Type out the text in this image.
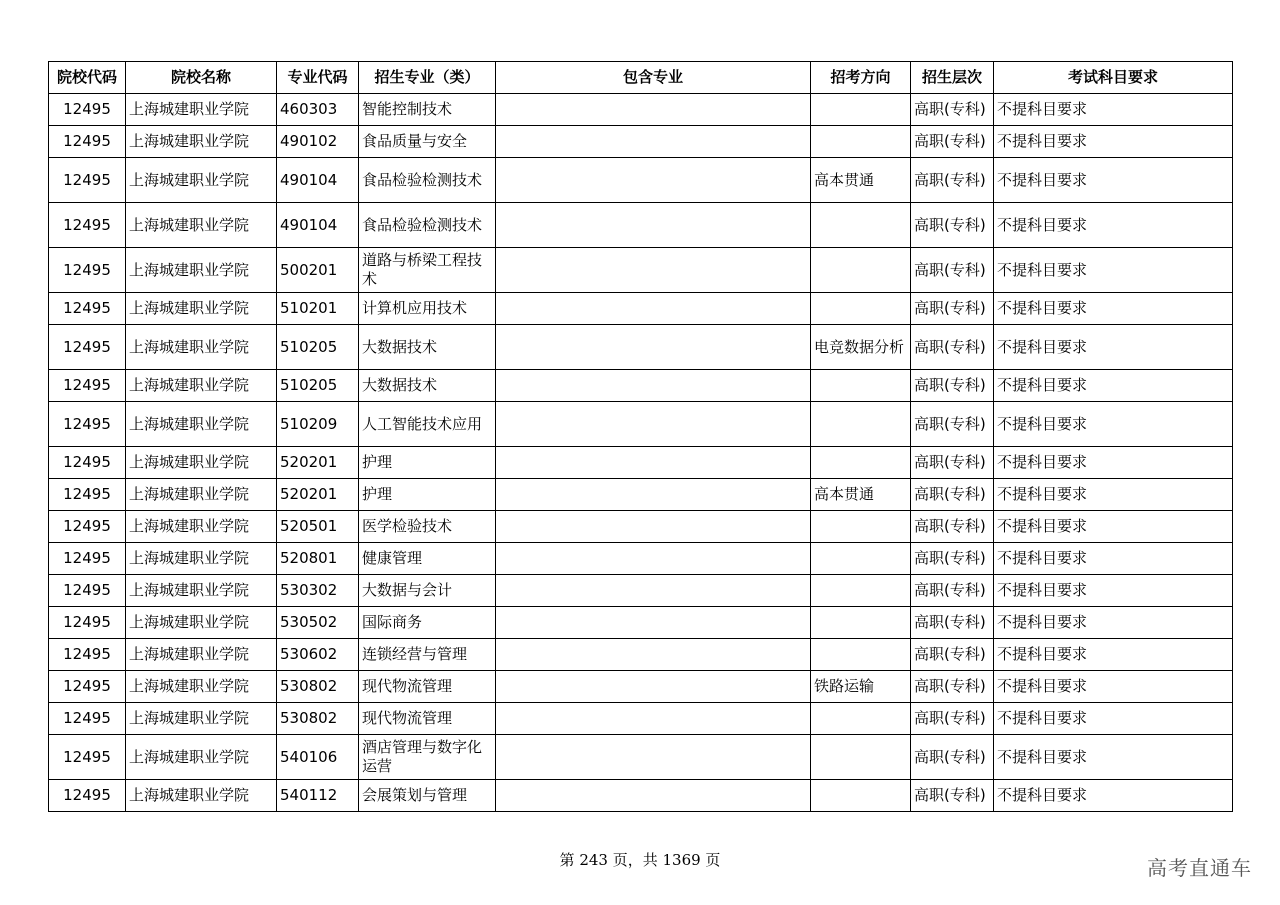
院校代码	院校名称	专业代码	招生专业（类）	包含专业	招考方向	招生层次	考试科目要求
12495	上海城建职业学院	460303	智能控制技术			高职(专科)	不提科目要求
12495	上海城建职业学院	490102	食品质量与安全			高职(专科)	不提科目要求
12495	上海城建职业学院	490104	食品检验检测技术		高本贯通	高职(专科)	不提科目要求
12495	上海城建职业学院	490104	食品检验检测技术			高职(专科)	不提科目要求
12495	上海城建职业学院	500201	道路与桥梁工程技术			高职(专科)	不提科目要求
12495	上海城建职业学院	510201	计算机应用技术			高职(专科)	不提科目要求
12495	上海城建职业学院	510205	大数据技术		电竞数据分析	高职(专科)	不提科目要求
12495	上海城建职业学院	510205	大数据技术			高职(专科)	不提科目要求
12495	上海城建职业学院	510209	人工智能技术应用			高职(专科)	不提科目要求
12495	上海城建职业学院	520201	护理			高职(专科)	不提科目要求
12495	上海城建职业学院	520201	护理		高本贯通	高职(专科)	不提科目要求
12495	上海城建职业学院	520501	医学检验技术			高职(专科)	不提科目要求
12495	上海城建职业学院	520801	健康管理			高职(专科)	不提科目要求
12495	上海城建职业学院	530302	大数据与会计			高职(专科)	不提科目要求
12495	上海城建职业学院	530502	国际商务			高职(专科)	不提科目要求
12495	上海城建职业学院	530602	连锁经营与管理			高职(专科)	不提科目要求
12495	上海城建职业学院	530802	现代物流管理		铁路运输	高职(专科)	不提科目要求
12495	上海城建职业学院	530802	现代物流管理			高职(专科)	不提科目要求
12495	上海城建职业学院	540106	酒店管理与数字化运营			高职(专科)	不提科目要求
12495	上海城建职业学院	540112	会展策划与管理			高职(专科)	不提科目要求
第 243 页，共 1369 页	高考直通车
